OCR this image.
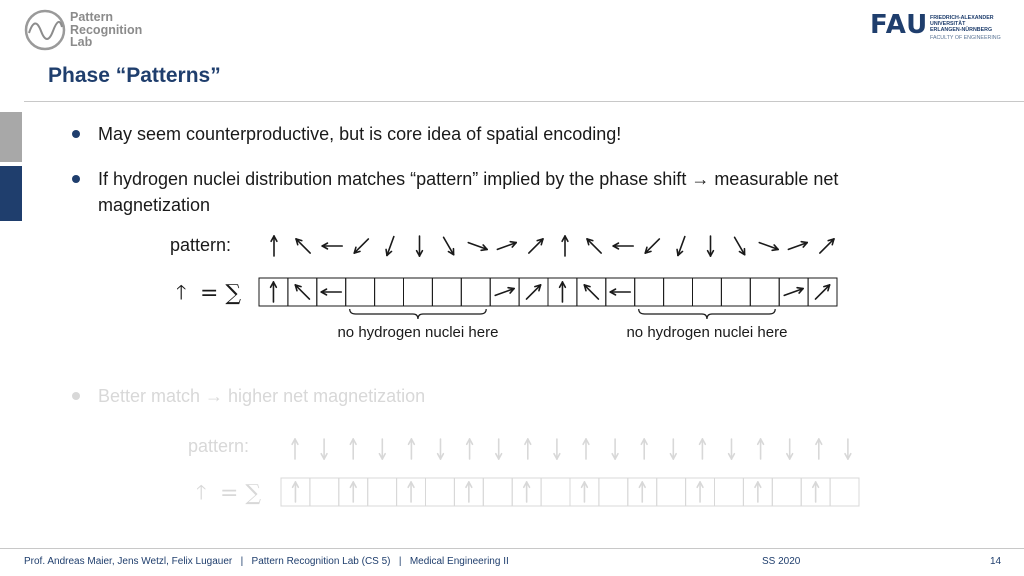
Pattern
Recognition
Lab
FAU FRIEDRICH-ALEXANDER
UNIVERSITÄT
ERLANGEN-NÜRNBERG
FACULTY OF ENGINEERING
Phase “Patterns”
May seem counterproductive, but is core idea of spatial encoding!
If hydrogen nuclei distribution matches “pattern” implied by the phase shift → measurable net
magnetization
Better match → higher net magnetization
pattern:
🡑 = ∑
no hydrogen nuclei here	no hydrogen nuclei here
pattern:
🡑 = ∑
Prof. Andreas Maier, Jens Wetzl, Felix Lugauer | Pattern Recognition Lab (CS 5) | Medical Engineering II	SS 2020	14
